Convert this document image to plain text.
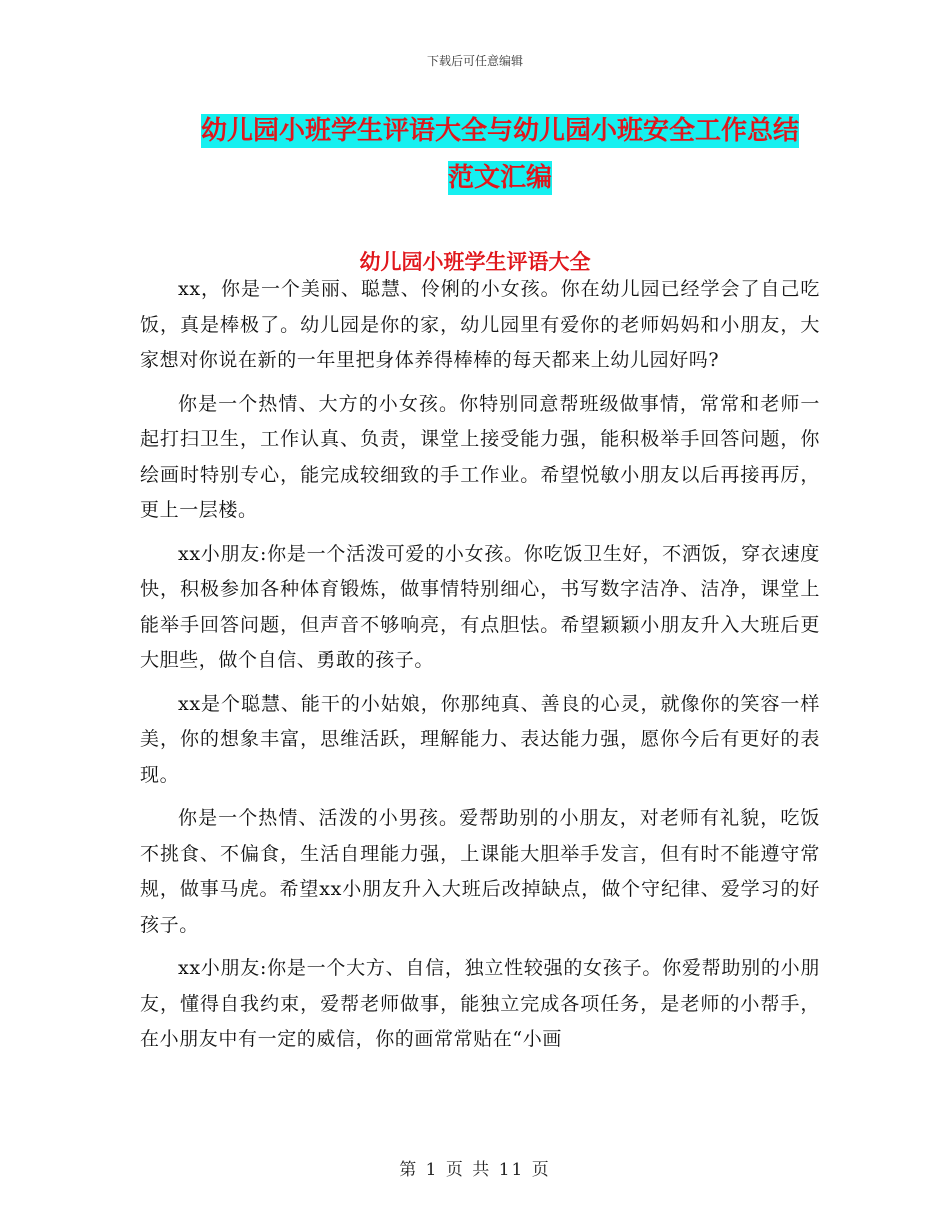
下载后可任意编辑
幼儿园小班学生评语大全与幼儿园小班安全工作总结
范文汇编
幼儿园小班学生评语大全

xx，你是一个美丽、聪慧、伶俐的小女孩。你在幼儿园已经学会了自己吃饭，真是棒极了。幼儿园是你的家，幼儿园里有爱你的老师妈妈和小朋友，大家想对你说在新的一年里把身体养得棒棒的每天都来上幼儿园好吗?

你是一个热情、大方的小女孩。你特别同意帮班级做事情，常常和老师一起打扫卫生，工作认真、负责，课堂上接受能力强，能积极举手回答问题，你绘画时特别专心，能完成较细致的手工作业。希望悦敏小朋友以后再接再厉，更上一层楼。

xx小朋友:你是一个活泼可爱的小女孩。你吃饭卫生好，不洒饭，穿衣速度快，积极参加各种体育锻炼，做事情特别细心，书写数字洁净、洁净，课堂上能举手回答问题，但声音不够响亮，有点胆怯。希望颖颖小朋友升入大班后更大胆些，做个自信、勇敢的孩子。

xx是个聪慧、能干的小姑娘，你那纯真、善良的心灵，就像你的笑容一样美，你的想象丰富，思维活跃，理解能力、表达能力强，愿你今后有更好的表现。

你是一个热情、活泼的小男孩。爱帮助别的小朋友，对老师有礼貌，吃饭不挑食、不偏食，生活自理能力强，上课能大胆举手发言，但有时不能遵守常规，做事马虎。希望xx小朋友升入大班后改掉缺点，做个守纪律、爱学习的好孩子。

xx小朋友:你是一个大方、自信，独立性较强的女孩子。你爱帮助别的小朋友，懂得自我约束，爱帮老师做事，能独立完成各项任务，是老师的小帮手，在小朋友中有一定的威信，你的画常常贴在“小画

第 1 页 共 11 页
